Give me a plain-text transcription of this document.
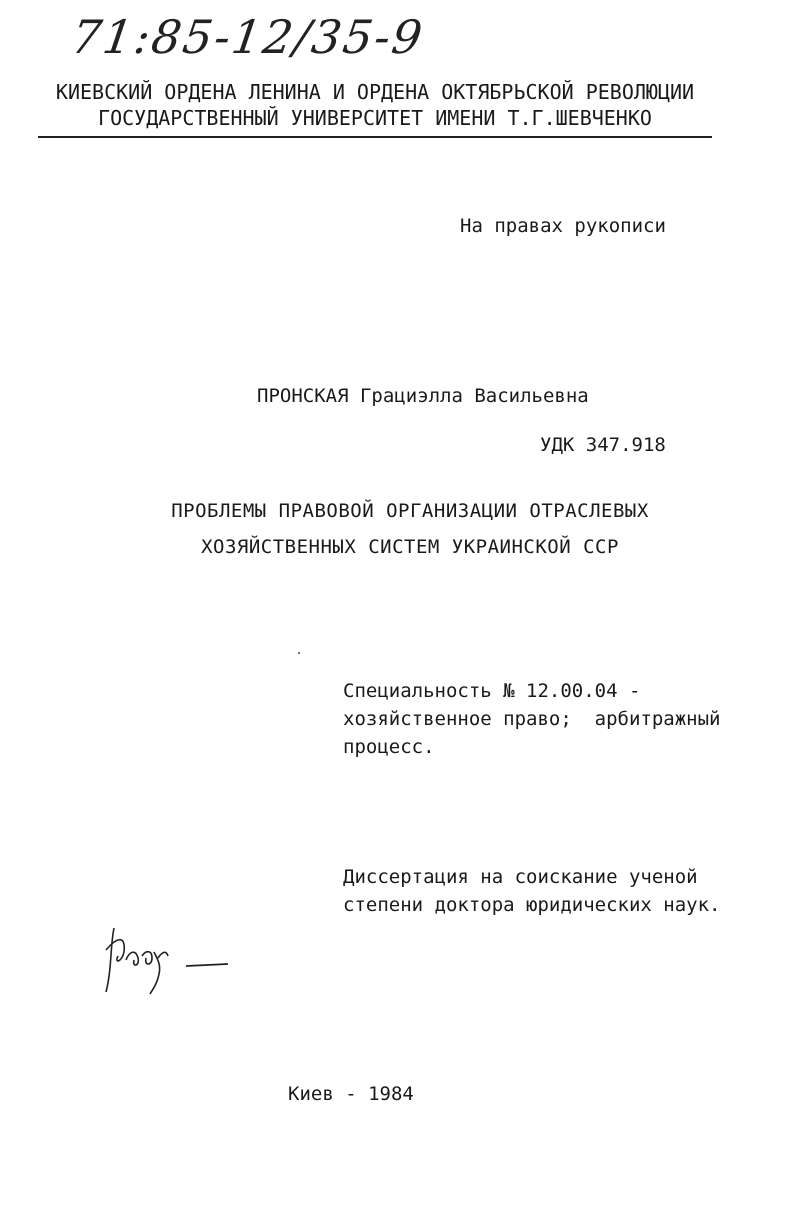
71:85-12/35-9
КИЕВСКИЙ ОРДЕНА ЛЕНИНА И ОРДЕНА ОКТЯБРЬСКОЙ РЕВОЛЮЦИИ
ГОСУДАРСТВЕННЫЙ УНИВЕРСИТЕТ ИМЕНИ Т.Г.ШЕВЧЕНКО
На правах рукописи
ПРОНСКАЯ Грациэлла Васильевна
УДК 347.918
ПРОБЛЕМЫ ПРАВОВОЙ ОРГАНИЗАЦИИ ОТРАСЛЕВЫХ
ХОЗЯЙСТВЕННЫХ СИСТЕМ УКРАИНСКОЙ ССР
Специальность № 12.00.04 -
хозяйственное право;  арбитражный
процесс.
Диссертация на соискание ученой
степени доктора юридических наук.
Киев - 1984
